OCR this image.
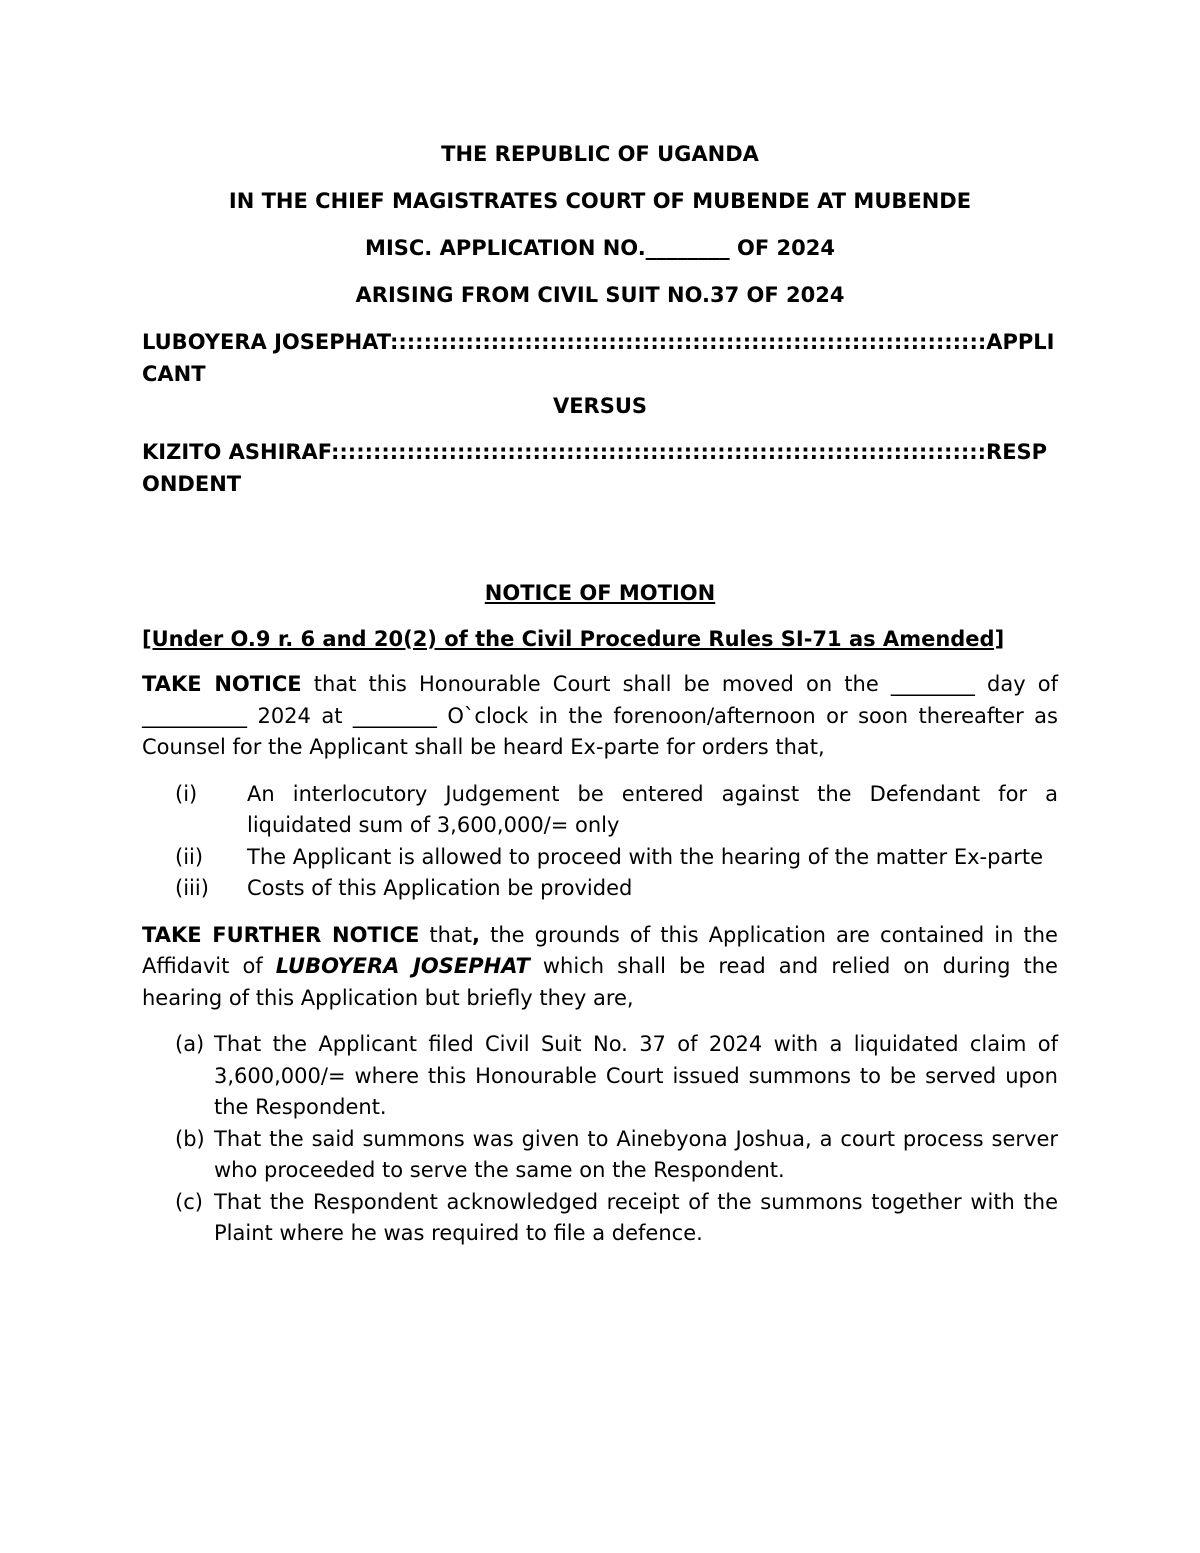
THE REPUBLIC OF UGANDA
IN THE CHIEF MAGISTRATES COURT OF MUBENDE AT MUBENDE
MISC. APPLICATION NO.________ OF 2024
ARISING FROM CIVIL SUIT NO.37 OF 2024

LUBOYERA JOSEPHAT:::::::::::::::::::::::::::::::::::::::::::::::::::::::::::::::::::::::APPLICANT

VERSUS

KIZITO ASHIRAF::::::::::::::::::::::::::::::::::::::::::::::::::::::::::::::::::::::::::::::RESPONDENT

NOTICE OF MOTION

[Under O.9 r. 6 and 20(2) of the Civil Procedure Rules SI-71 as Amended]

TAKE NOTICE that this Honourable Court shall be moved on the ________ day of __________ 2024 at ________ O`clock in the forenoon/afternoon or soon thereafter as Counsel for the Applicant shall be heard Ex-parte for orders that,

(i) An interlocutory Judgement be entered against the Defendant for a liquidated sum of 3,600,000/= only
(ii) The Applicant is allowed to proceed with the hearing of the matter Ex-parte
(iii) Costs of this Application be provided

TAKE FURTHER NOTICE that, the grounds of this Application are contained in the Affidavit of LUBOYERA JOSEPHAT which shall be read and relied on during the hearing of this Application but briefly they are,

(a) That the Applicant filed Civil Suit No. 37 of 2024 with a liquidated claim of 3,600,000/= where this Honourable Court issued summons to be served upon the Respondent.
(b) That the said summons was given to Ainebyona Joshua, a court process server who proceeded to serve the same on the Respondent.
(c) That the Respondent acknowledged receipt of the summons together with the Plaint where he was required to file a defence.
